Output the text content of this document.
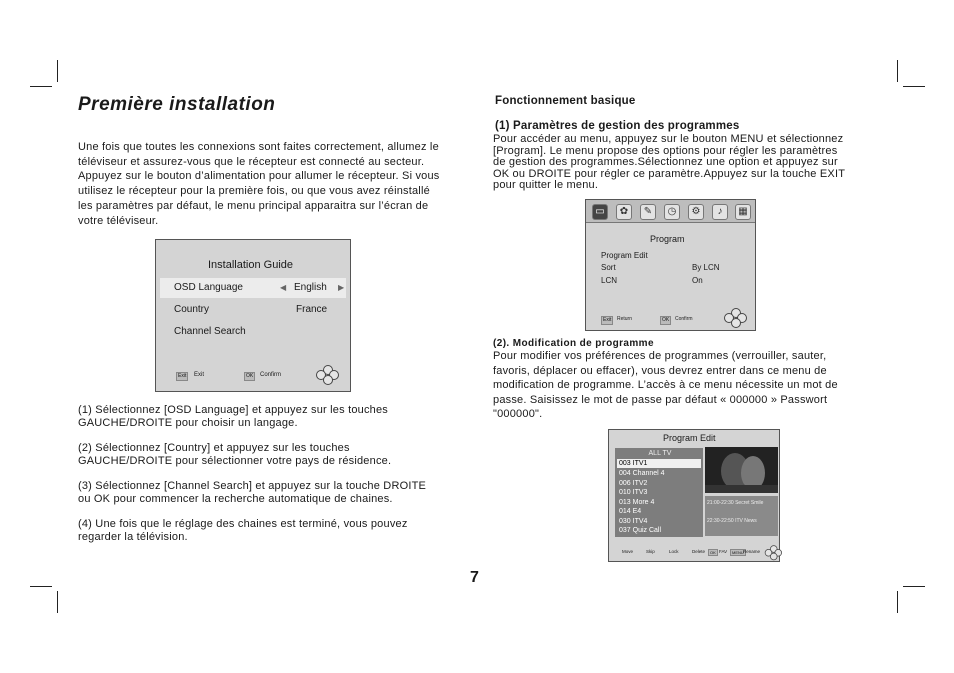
Première installation

Une fois que toutes les connexions sont faites correctement, allumez le

téléviseur et assurez-vous que le récepteur est connecté au secteur.

Appuyez sur le bouton d’alimentation pour allumer le récepteur. Si vous

utilisez le récepteur pour la première fois, ou que vous avez réinstallé

les paramètres par défaut, le menu principal apparaitra sur l’écran de

votre téléviseur.

Installation Guide
OSD Language	◀ English ▶
Country	France
Channel Search
Exit	Exit	OK	Confirm

(1) Sélectionnez [OSD Language] et appuyez sur les touches

GAUCHE/DROITE pour choisir un langage.

(2) Sélectionnez [Country] et appuyez sur les touches

GAUCHE/DROITE pour sélectionner votre pays de résidence.

(3) Sélectionnez [Channel Search] et appuyez sur la touche DROITE

ou OK pour commencer la recherche automatique de chaines.

(4) Une fois que le réglage des chaines est terminé, vous pouvez

regarder la télévision.

Fonctionnement basique
(1) Paramètres de gestion des programmes

Pour accéder au menu, appuyez sur le bouton MENU et sélectionnez

[Program]. Le menu propose des options pour régler les paramètres

de gestion des programmes.Sélectionnez une option et appuyez sur

OK ou DROITE pour régler ce paramètre.Appuyez sur la touche EXIT

pour quitter le menu.

▭	✿	✎	◷	⚙	♪	▦
Program
Program Edit
Sort	By LCN
LCN	On
Exit	Return	OK	Confirm
(2). Modification de programme

Pour modifier vos préférences de programmes (verrouiller, sauter,

favoris, déplacer ou effacer), vous devrez entrer dans ce menu de

modification de programme. L’accès à ce menu nécessite un mot de

passe. Saisissez le mot de passe par défaut « 000000 » Passwort

"000000".

Program Edit
ALL TV
003 ITV1
004 Channel 4
006 ITV2
010 ITV3
013 More 4
014 E4
030 ITV4
037 Quiz Call
21:00-22:30 Secret Smile
22:30-22:50 ITV News
Move	Skip	Lock	Delete	OK FAV	MENU Rename
7
